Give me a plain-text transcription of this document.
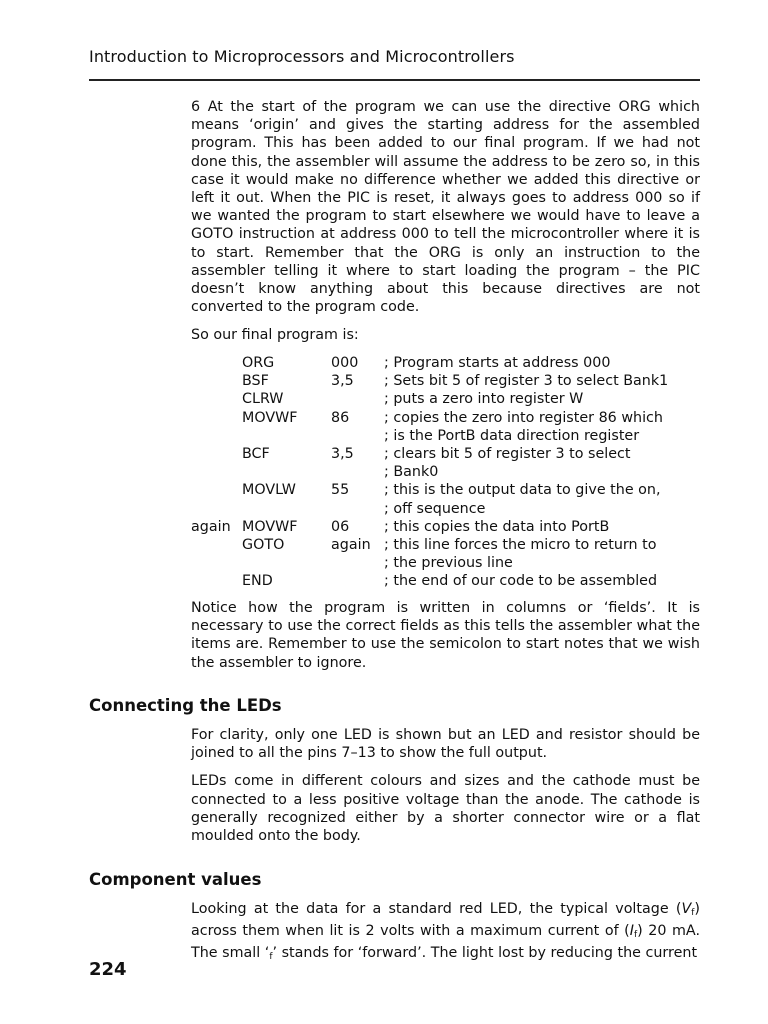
Introduction to Microprocessors and Microcontrollers

6 At the start of the program we can use the directive ORG which means ‘origin’ and gives the starting address for the assembled program. This has been added to our final program. If we had not done this, the assembler will assume the address to be zero so, in this case it would make no difference whether we added this directive or left it out. When the PIC is reset, it always goes to address 000 so if we wanted the program to start elsewhere we would have to leave a GOTO instruction at address 000 to tell the microcontroller where it is to start. Remember that the ORG is only an instruction to the assembler telling it where to start loading the program – the PIC doesn’t know anything about this because directives are not converted to the program code.

So our final program is:

ORG	000	; Program starts at address 000
BSF	3,5	; Sets bit 5 of register 3 to select Bank1
CLRW	; puts a zero into register W
MOVWF	86	; copies the zero into register 86 which
; is the PortB data direction register
BCF	3,5	; clears bit 5 of register 3 to select
; Bank0
MOVLW	55	; this is the output data to give the on,
; off sequence
again MOVWF	06	; this copies the data into PortB
GOTO	again ; this line forces the micro to return to
; the previous line
END	; the end of our code to be assembled
Notice how the program is written in columns or ‘fields’. It is necessary to use the correct fields as this tells the assembler what the items are. Remember to use the semicolon to start notes that we wish the assembler to ignore.
Connecting the LEDs

For clarity, only one LED is shown but an LED and resistor should be joined to all the pins 7–13 to show the full output.

LEDs come in different colours and sizes and the cathode must be connected to a less positive voltage than the anode. The cathode is generally recognized either by a shorter connector wire or a flat moulded onto the body.

Component values
Looking at the data for a standard red LED, the typical voltage $(V_f)$ across them when lit is 2 volts with a maximum current of $(I_f)$ 20 mA. The small ‘$_f$’ stands for ‘forward’. The light lost by reducing the current
224
